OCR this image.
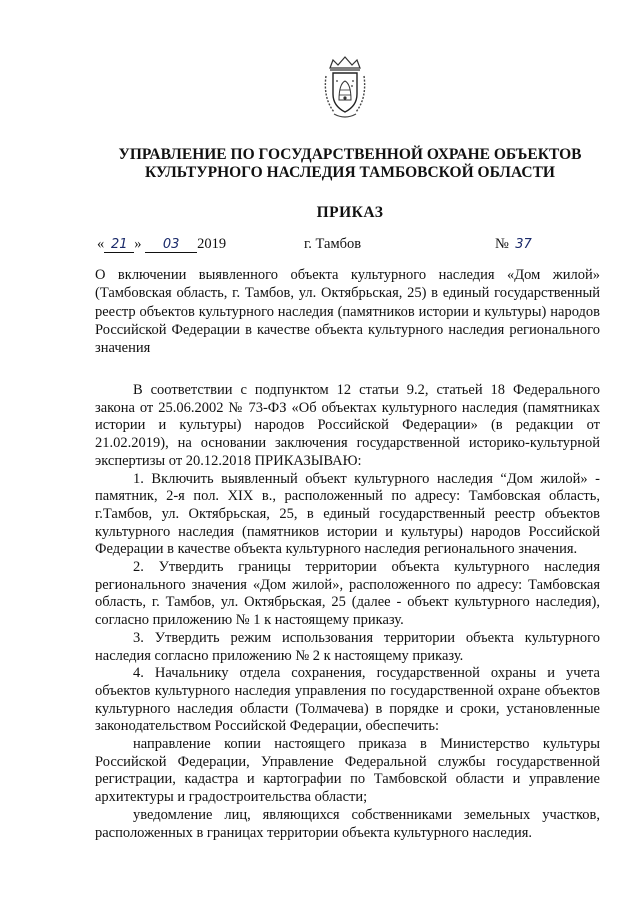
УПРАВЛЕНИЕ ПО ГОСУДАРСТВЕННОЙ ОХРАНЕ ОБЪЕКТОВ
КУЛЬТУРНОГО НАСЛЕДИЯ ТАМБОВСКОЙ ОБЛАСТИ
ПРИКАЗ
« 21 » 03 2019	г. Тамбов	№ 37
О включении выявленного объекта культурного наследия «Дом жилой» (Тамбовская область, г. Тамбов, ул. Октябрьская, 25) в единый государственный реестр объектов культурного наследия (памятников истории и культуры) народов Российской Федерации в качестве объекта культурного наследия регионального значения

В соответствии с подпунктом 12 статьи 9.2, статьей 18 Федерального закона от 25.06.2002 № 73-ФЗ «Об объектах культурного наследия (памятниках истории и культуры) народов Российской Федерации» (в редакции от 21.02.2019), на основании заключения государственной историко-культурной экспертизы от 20.12.2018 ПРИКАЗЫВАЮ:

1. Включить выявленный объект культурного наследия “Дом жилой» - памятник, 2-я пол. XIX в., расположенный по адресу: Тамбовская область, г.Тамбов, ул. Октябрьская, 25, в единый государственный реестр объектов культурного наследия (памятников истории и культуры) народов Российской Федерации в качестве объекта культурного наследия регионального значения.

2. Утвердить границы территории объекта культурного наследия регионального значения «Дом жилой», расположенного по адресу: Тамбовская область, г. Тамбов, ул. Октябрьская, 25 (далее - объект культурного наследия), согласно приложению № 1 к настоящему приказу.

3. Утвердить режим использования территории объекта культурного наследия согласно приложению № 2 к настоящему приказу.

4. Начальнику отдела сохранения, государственной охраны и учета объектов культурного наследия управления по государственной охране объектов культурного наследия области (Толмачева) в порядке и сроки, установленные законодательством Российской Федерации, обеспечить:

направление копии настоящего приказа в Министерство культуры Российской Федерации, Управление Федеральной службы государственной регистрации, кадастра и картографии по Тамбовской области и управление архитектуры и градостроительства области;

уведомление лиц, являющихся собственниками земельных участков, расположенных в границах территории объекта культурного наследия.
